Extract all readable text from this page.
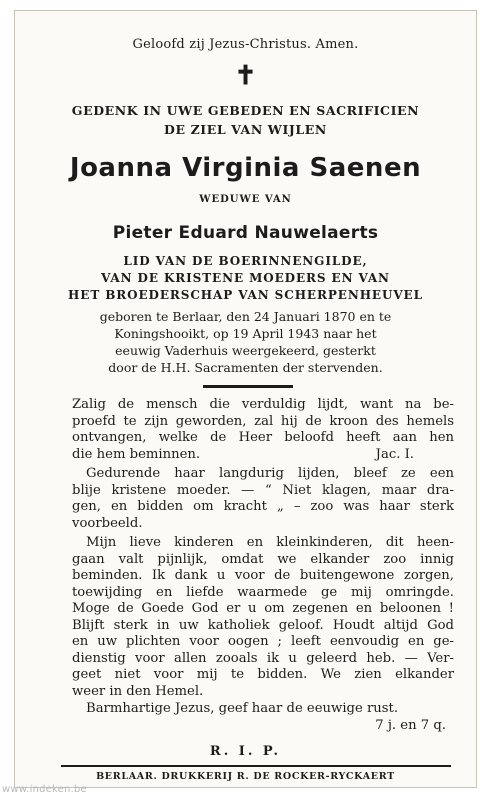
Geloofd zij Jezus-Christus. Amen.
✝
GEDENK IN UWE GEBEDEN EN SACRIFICIEN
DE ZIEL VAN WIJLEN
Joanna Virginia Saenen
WEDUWE VAN
Pieter Eduard Nauwelaerts
LID VAN DE BOERINNENGILDE,
VAN DE KRISTENE MOEDERS EN VAN
HET BROEDERSCHAP VAN SCHERPENHEUVEL
geboren te Berlaar, den 24 Januari 1870 en te
Koningshooikt, op 19 April 1943 naar het
eeuwig Vaderhuis weergekeerd, gesterkt
door de H.H. Sacramenten der stervenden.
Zalig de mensch die verduldig lijdt, want na be-
proefd te zijn geworden, zal hij de kroon des hemels
ontvangen, welke de Heer beloofd heeft aan hen
die hem beminnen.	Jac. I.
Gedurende haar langdurig lijden, bleef ze een
blije kristene moeder. — “ Niet klagen, maar dra-
gen, en bidden om kracht „ – zoo was haar sterk
voorbeeld.
Mijn lieve kinderen en kleinkinderen, dit heen-
gaan valt pijnlijk, omdat we elkander zoo innig
beminden. Ik dank u voor de buitengewone zorgen,
toewijding en liefde waarmede ge mij omringde.
Moge de Goede God er u om zegenen en beloonen !
Blijft sterk in uw katholiek geloof. Houdt altijd God
en uw plichten voor oogen ; leeft eenvoudig en ge-
dienstig voor allen zooals ik u geleerd heb. — Ver-
geet niet voor mij te bidden. We zien elkander
weer in den Hemel.
Barmhartige Jezus, geef haar de eeuwige rust.
7 j. en 7 q.
R. I. P.
BERLAAR. DRUKKERIJ R. DE ROCKER-RYCKAERT
www.indeken.be
